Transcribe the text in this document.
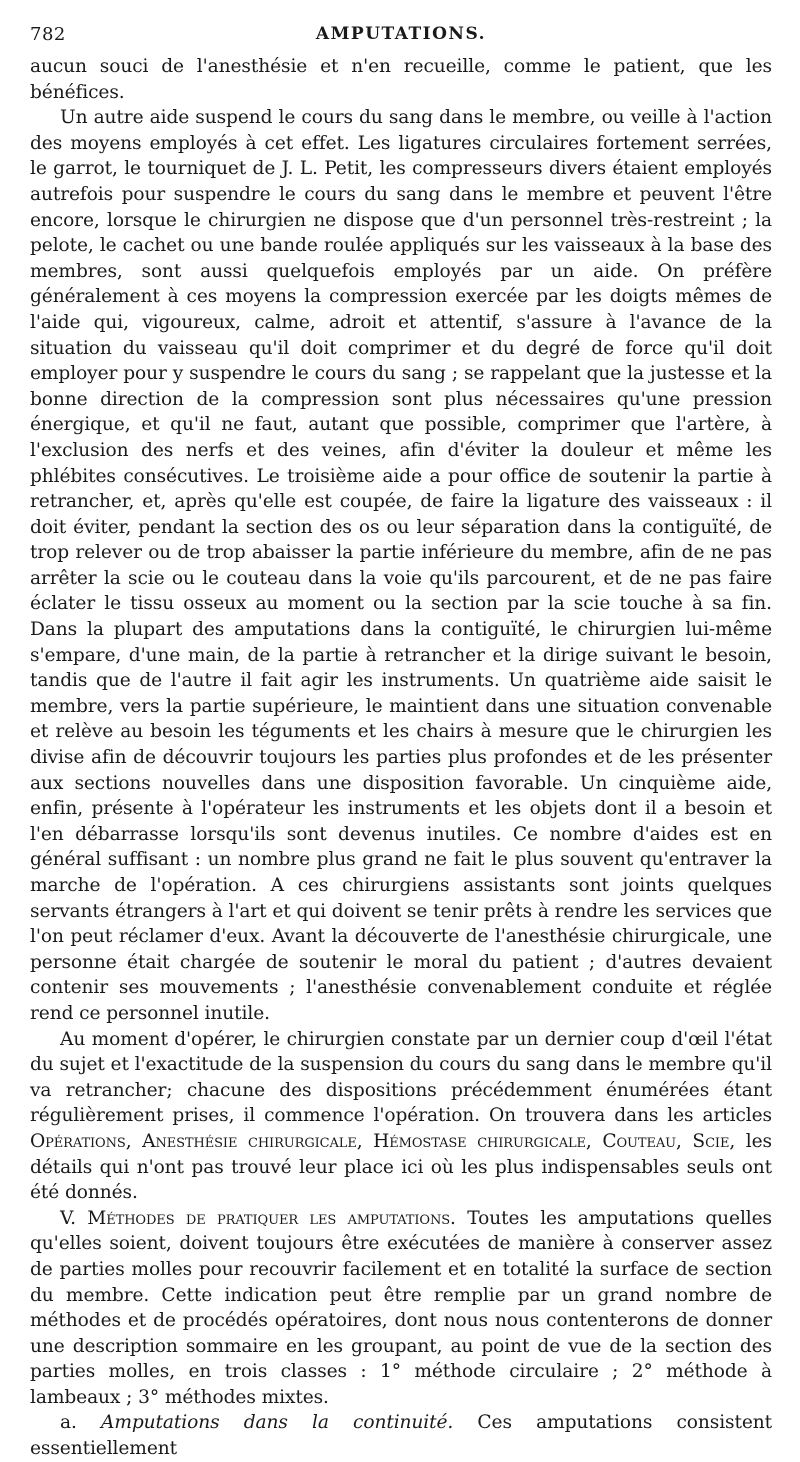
782	AMPUTATIONS.

aucun souci de l'anesthésie et n'en recueille, comme le patient, que les bénéfices.

Un autre aide suspend le cours du sang dans le membre, ou veille à l'action des moyens employés à cet effet. Les ligatures circulaires fortement serrées, le garrot, le tourniquet de J. L. Petit, les compresseurs divers étaient employés autrefois pour suspendre le cours du sang dans le membre et peuvent l'être encore, lorsque le chirurgien ne dispose que d'un personnel très-restreint ; la pelote, le cachet ou une bande roulée appliqués sur les vaisseaux à la base des membres, sont aussi quelquefois employés par un aide. On préfère généralement à ces moyens la compression exercée par les doigts mêmes de l'aide qui, vigoureux, calme, adroit et attentif, s'assure à l'avance de la situation du vaisseau qu'il doit comprimer et du degré de force qu'il doit employer pour y suspendre le cours du sang ; se rappelant que la justesse et la bonne direction de la compression sont plus nécessaires qu'une pression énergique, et qu'il ne faut, autant que possible, comprimer que l'artère, à l'exclusion des nerfs et des veines, afin d'éviter la douleur et même les phlébites consécutives. Le troisième aide a pour office de soutenir la partie à retrancher, et, après qu'elle est coupée, de faire la ligature des vaisseaux : il doit éviter, pendant la section des os ou leur séparation dans la contiguïté, de trop relever ou de trop abaisser la partie inférieure du membre, afin de ne pas arrêter la scie ou le couteau dans la voie qu'ils parcourent, et de ne pas faire éclater le tissu osseux au moment ou la section par la scie touche à sa fin. Dans la plupart des amputations dans la contiguïté, le chirurgien lui-même s'empare, d'une main, de la partie à retrancher et la dirige suivant le besoin, tandis que de l'autre il fait agir les instruments. Un quatrième aide saisit le membre, vers la partie supérieure, le maintient dans une situation convenable et relève au besoin les téguments et les chairs à mesure que le chirurgien les divise afin de découvrir toujours les parties plus profondes et de les présenter aux sections nouvelles dans une disposition favorable. Un cinquième aide, enfin, présente à l'opérateur les instruments et les objets dont il a besoin et l'en débarrasse lorsqu'ils sont devenus inutiles. Ce nombre d'aides est en général suffisant : un nombre plus grand ne fait le plus souvent qu'entraver la marche de l'opération. A ces chirurgiens assistants sont joints quelques servants étrangers à l'art et qui doivent se tenir prêts à rendre les services que l'on peut réclamer d'eux. Avant la découverte de l'anesthésie chirurgicale, une personne était chargée de soutenir le moral du patient ; d'autres devaient contenir ses mouvements ; l'anesthésie convenablement conduite et réglée rend ce personnel inutile.

Au moment d'opérer, le chirurgien constate par un dernier coup d'œil l'état du sujet et l'exactitude de la suspension du cours du sang dans le membre qu'il va retrancher; chacune des dispositions précédemment énumérées étant régulièrement prises, il commence l'opération. On trouvera dans les articles Opérations, Anesthésie chirurgicale, Hémostase chirurgicale, Couteau, Scie, les détails qui n'ont pas trouvé leur place ici où les plus indispensables seuls ont été donnés.

V. Méthodes de pratiquer les amputations. Toutes les amputations quelles qu'elles soient, doivent toujours être exécutées de manière à conserver assez de parties molles pour recouvrir facilement et en totalité la surface de section du membre. Cette indication peut être remplie par un grand nombre de méthodes et de procédés opératoires, dont nous nous contenterons de donner une description sommaire en les groupant, au point de vue de la section des parties molles, en trois classes : 1° méthode circulaire ; 2° méthode à lambeaux ; 3° méthodes mixtes.

a. Amputations dans la continuité. Ces amputations consistent essentiellement
